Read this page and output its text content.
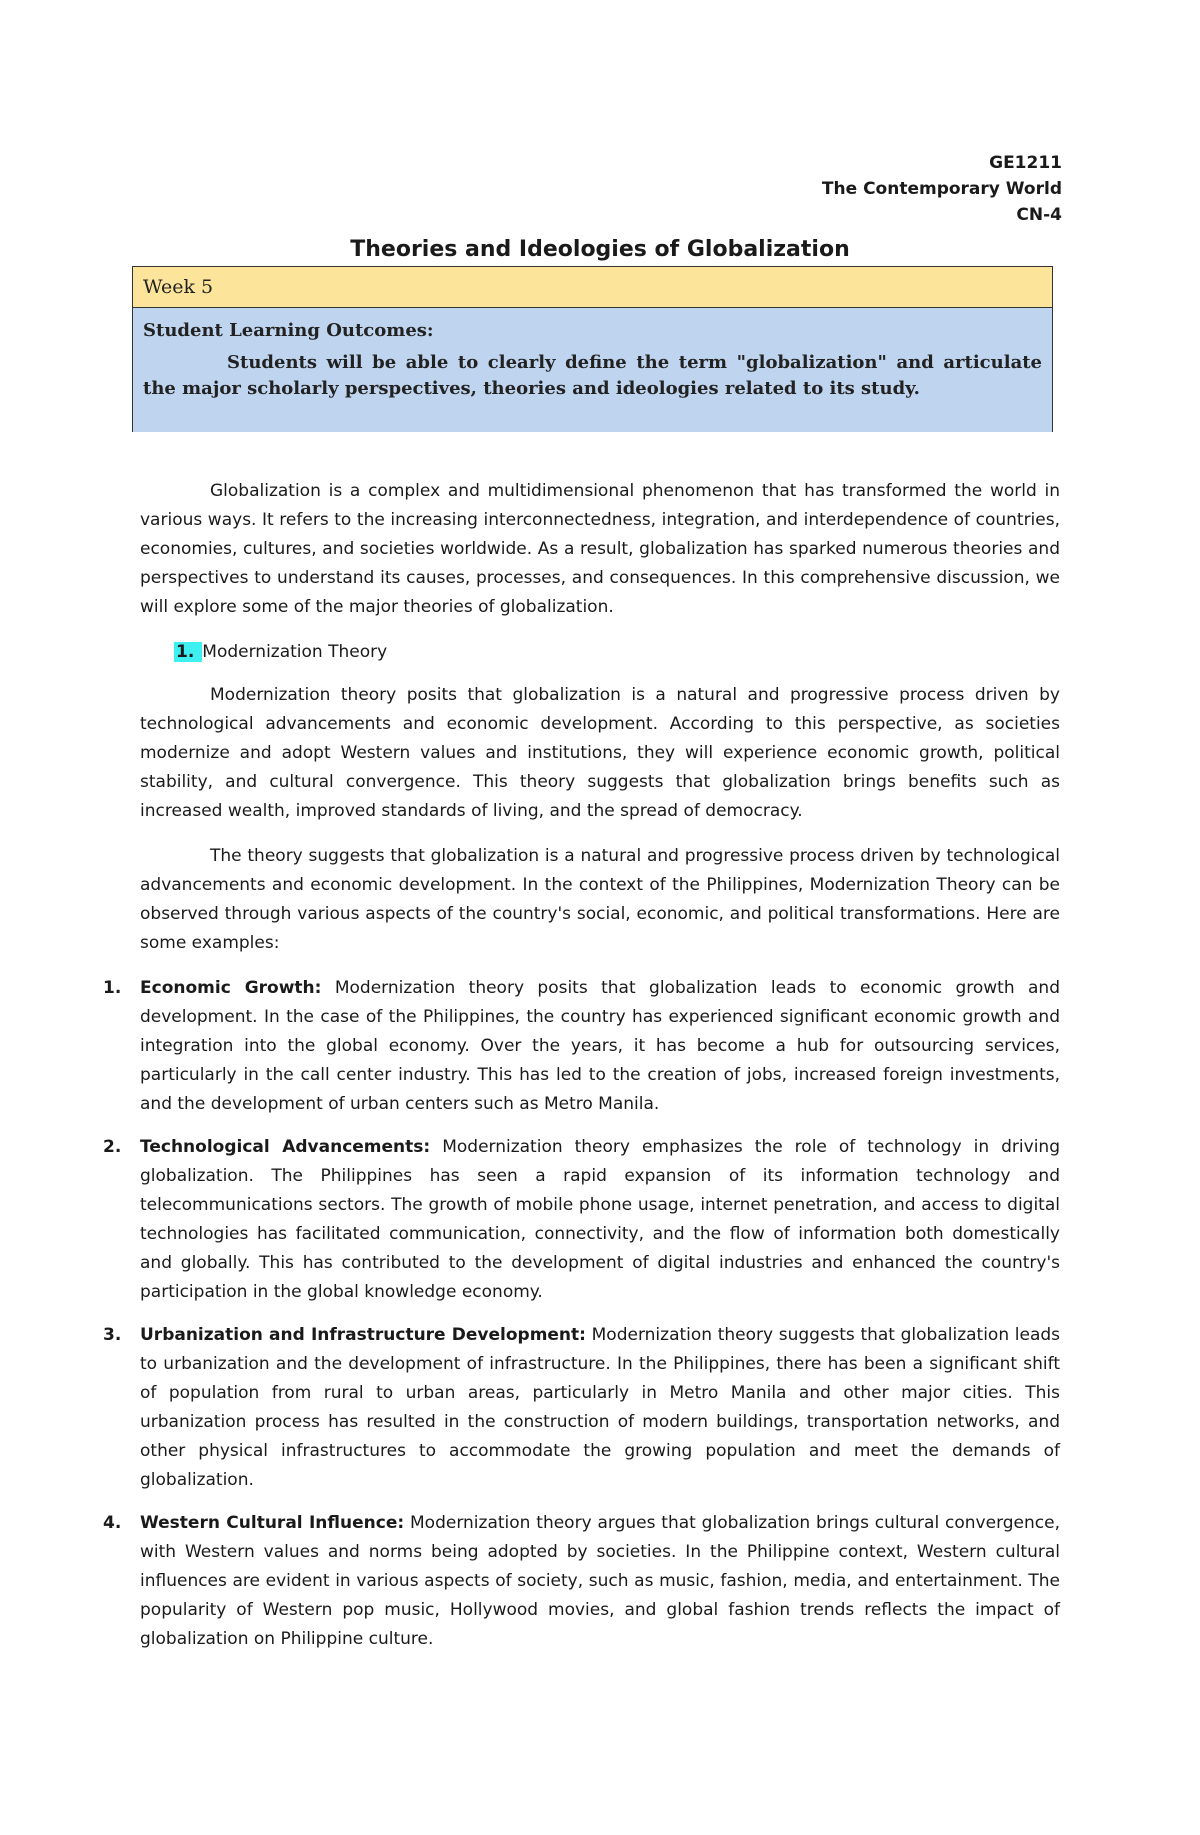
GE1211
The Contemporary World
CN-4
Theories and Ideologies of Globalization
Week 5
Student Learning Outcomes:
Students will be able to clearly define the term "globalization" and articulate the major scholarly perspectives, theories and ideologies related to its study.

Globalization is a complex and multidimensional phenomenon that has transformed the world in various ways. It refers to the increasing interconnectedness, integration, and interdependence of countries, economies, cultures, and societies worldwide. As a result, globalization has sparked numerous theories and perspectives to understand its causes, processes, and consequences. In this comprehensive discussion, we will explore some of the major theories of globalization.

1. Modernization Theory

Modernization theory posits that globalization is a natural and progressive process driven by technological advancements and economic development. According to this perspective, as societies modernize and adopt Western values and institutions, they will experience economic growth, political stability, and cultural convergence. This theory suggests that globalization brings benefits such as increased wealth, improved standards of living, and the spread of democracy.

The theory suggests that globalization is a natural and progressive process driven by technological advancements and economic development. In the context of the Philippines, Modernization Theory can be observed through various aspects of the country's social, economic, and political transformations. Here are some examples:

1. Economic Growth: Modernization theory posits that globalization leads to economic growth and development. In the case of the Philippines, the country has experienced significant economic growth and integration into the global economy. Over the years, it has become a hub for outsourcing services, particularly in the call center industry. This has led to the creation of jobs, increased foreign investments, and the development of urban centers such as Metro Manila.
2. Technological Advancements: Modernization theory emphasizes the role of technology in driving globalization. The Philippines has seen a rapid expansion of its information technology and telecommunications sectors. The growth of mobile phone usage, internet penetration, and access to digital technologies has facilitated communication, connectivity, and the flow of information both domestically and globally. This has contributed to the development of digital industries and enhanced the country's participation in the global knowledge economy.
3. Urbanization and Infrastructure Development: Modernization theory suggests that globalization leads to urbanization and the development of infrastructure. In the Philippines, there has been a significant shift of population from rural to urban areas, particularly in Metro Manila and other major cities. This urbanization process has resulted in the construction of modern buildings, transportation networks, and other physical infrastructures to accommodate the growing population and meet the demands of globalization.
4. Western Cultural Influence: Modernization theory argues that globalization brings cultural convergence, with Western values and norms being adopted by societies. In the Philippine context, Western cultural influences are evident in various aspects of society, such as music, fashion, media, and entertainment. The popularity of Western pop music, Hollywood movies, and global fashion trends reflects the impact of globalization on Philippine culture.
